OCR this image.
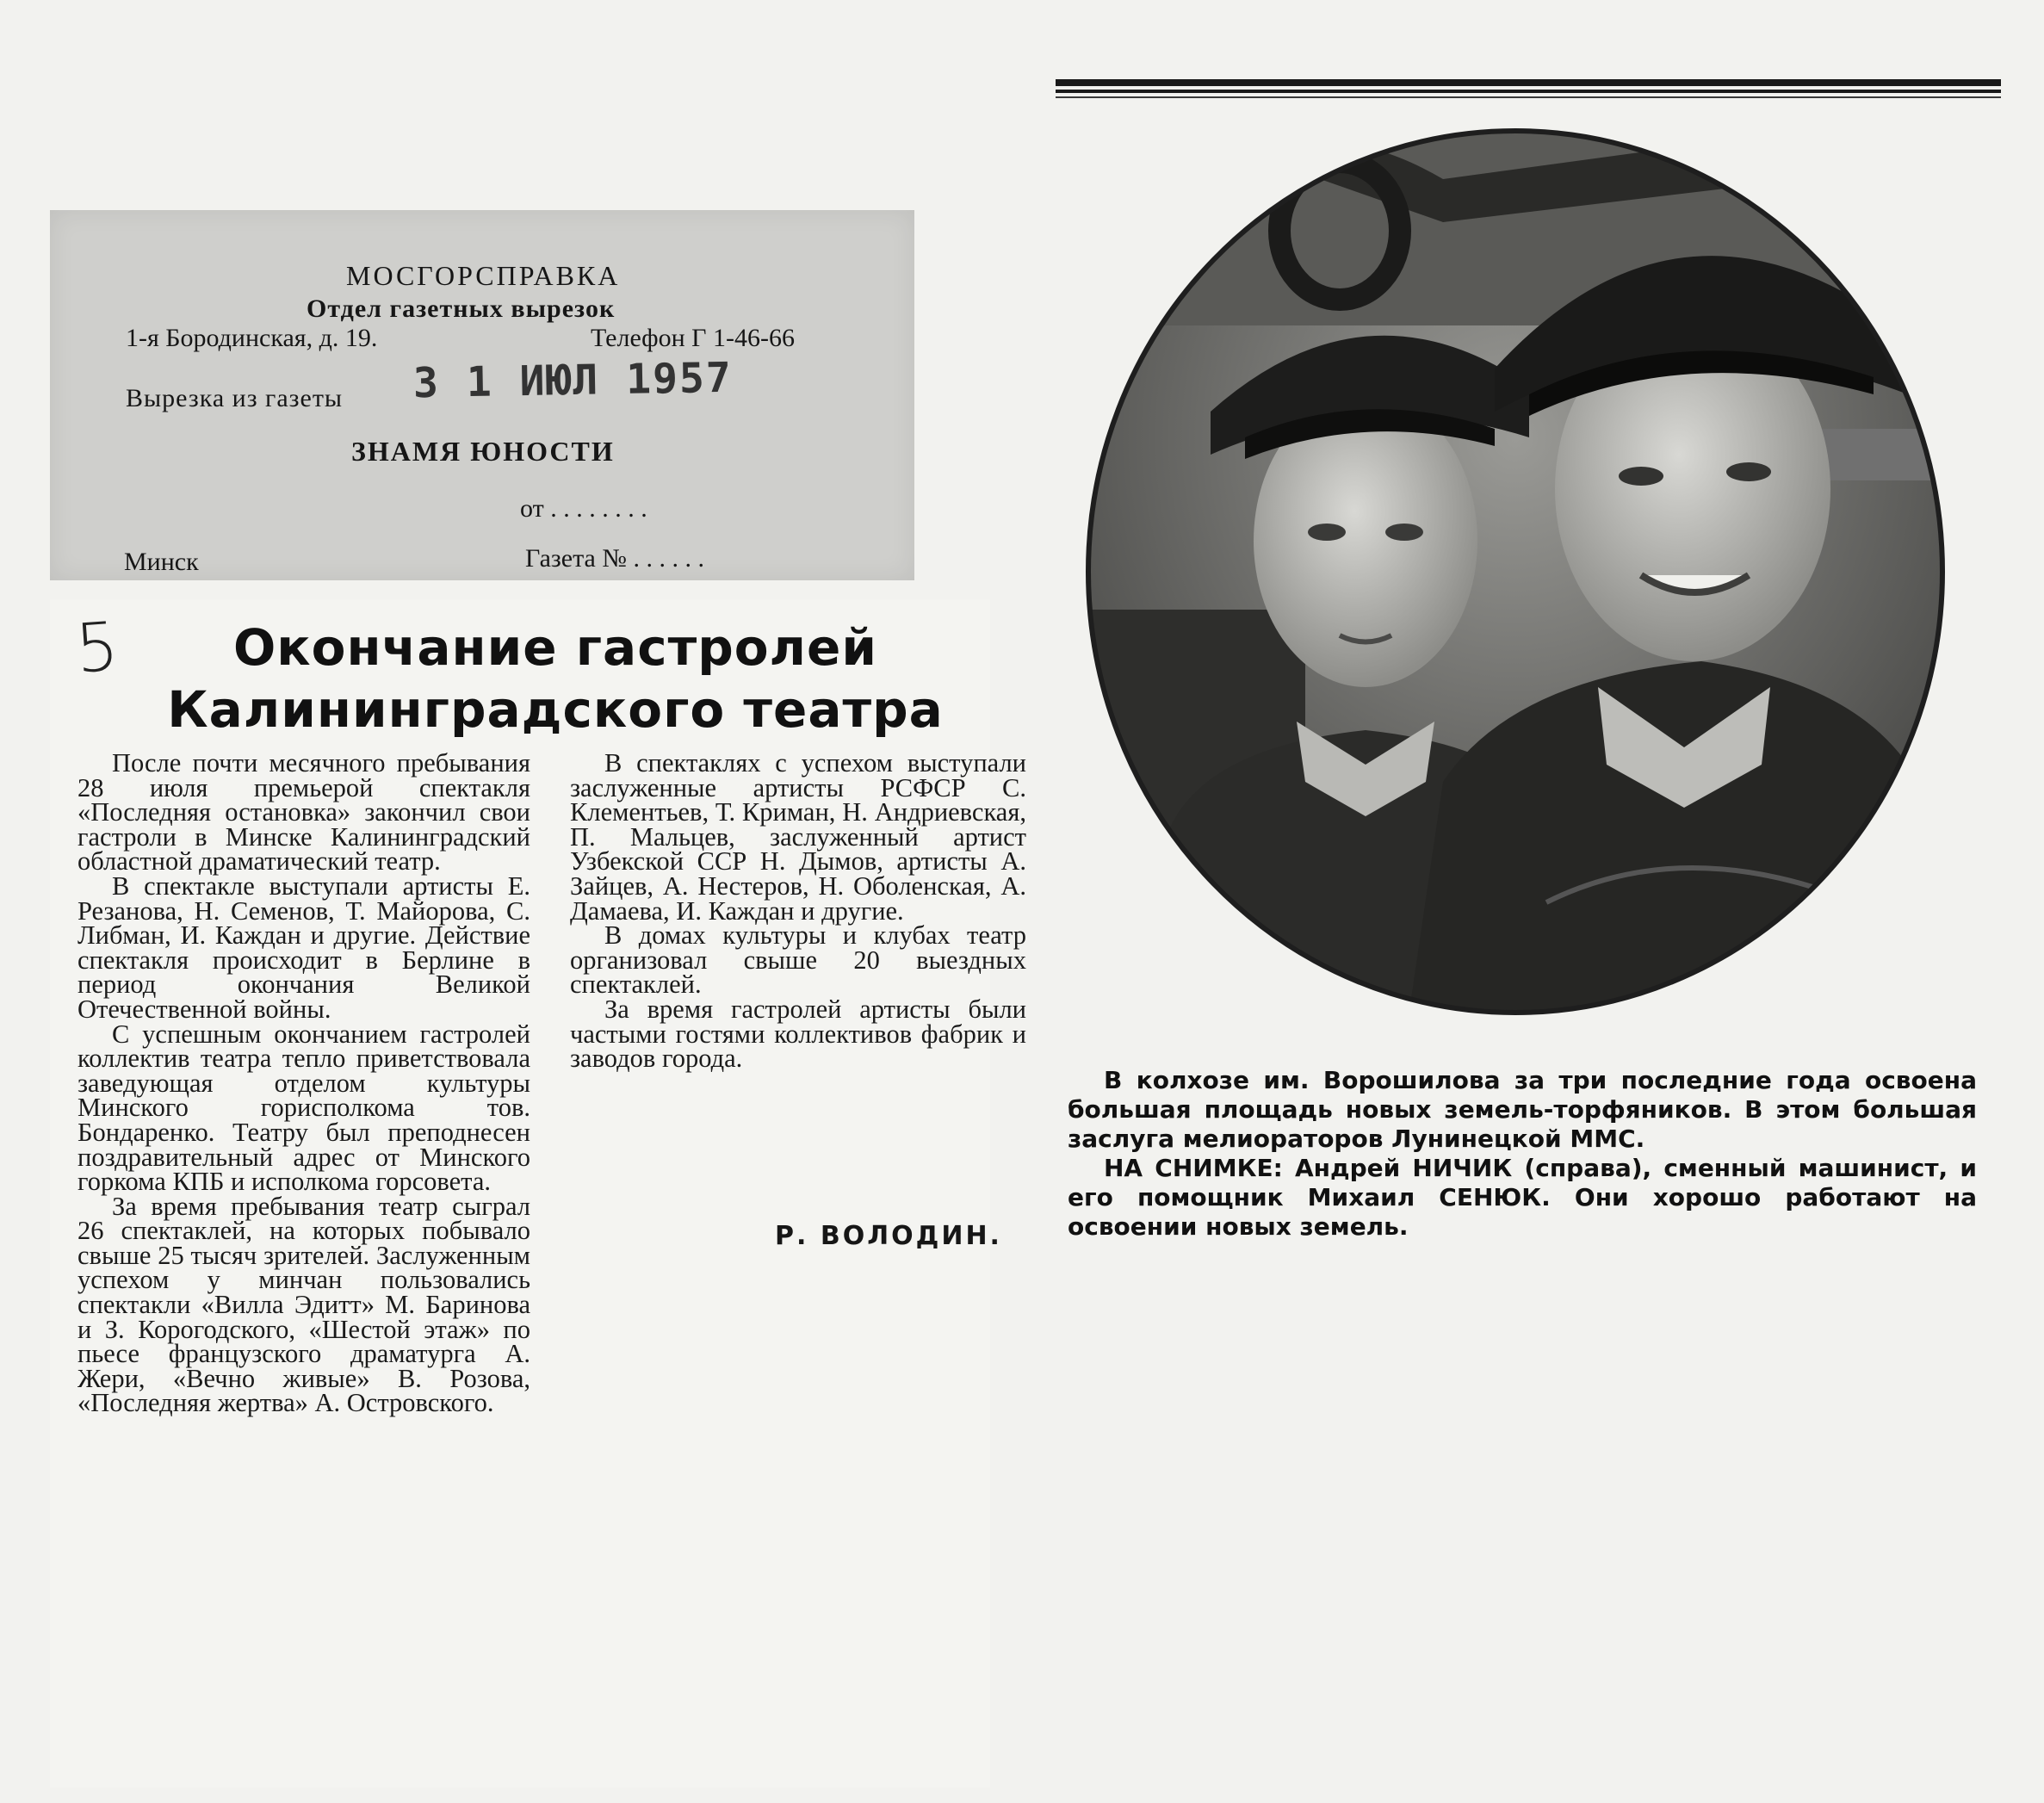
МОСГОРСПРАВКА
Отдел газетных вырезок
1-я Бородинская, д. 19.	Телефон Г 1-46-66
Вырезка из газеты 3 1 ИЮЛ 1957
ЗНАМЯ ЮНОСТИ
от . . . . . . . .
Минск	Газета № . . . . . .
5	Окончание гастролей
Калининградского театра

После почти месячного пребывания 28 июля премьерой спектакля «Последняя остановка» закончил свои гастроли в Минске Калининградский областной драматический театр.

В спектакле выступали артисты Е. Резанова, Н. Семенов, Т. Майорова, С. Либман, И. Каждан и другие. Действие спектакля происходит в Берлине в период окончания Великой Отечественной войны.

С успешным окончанием гастролей коллектив театра тепло приветствовала заведующая отделом культуры Минского горисполкома тов. Бондаренко. Театру был преподнесен поздравительный адрес от Минского горкома КПБ и исполкома горсовета.

За время пребывания театр сыграл 26 спектаклей, на которых побывало свыше 25 тысяч зрителей. Заслуженным успехом у минчан пользовались спектакли «Вилла Эдитт» М. Баринова и З. Корогодского, «Шестой этаж» по пьесе французского драматурга А. Жери, «Вечно живые» В. Розова, «Последняя жертва» А. Островского.

В спектаклях с успехом выступали заслуженные артисты РСФСР С. Клементьев, Т. Криман, Н. Андриевская, П. Мальцев, заслуженный артист Узбекской ССР Н. Дымов, артисты А. Зайцев, А. Нестеров, Н. Оболенская, А. Дамаева, И. Каждан и другие.

В домах культуры и клубах театр организовал свыше 20 выездных спектаклей.

За время гастролей артисты были частыми гостями коллективов фабрик и заводов города.

Р. ВОЛОДИН.

В колхозе им. Ворошилова за три последние года освоена большая площадь новых земель-торфяников. В этом большая заслуга мелиораторов Лунинецкой ММС.

НА СНИМКЕ: Андрей НИЧИК (справа), сменный машинист, и его помощник Михаил СЕНЮК. Они хорошо работают на освоении новых земель.
